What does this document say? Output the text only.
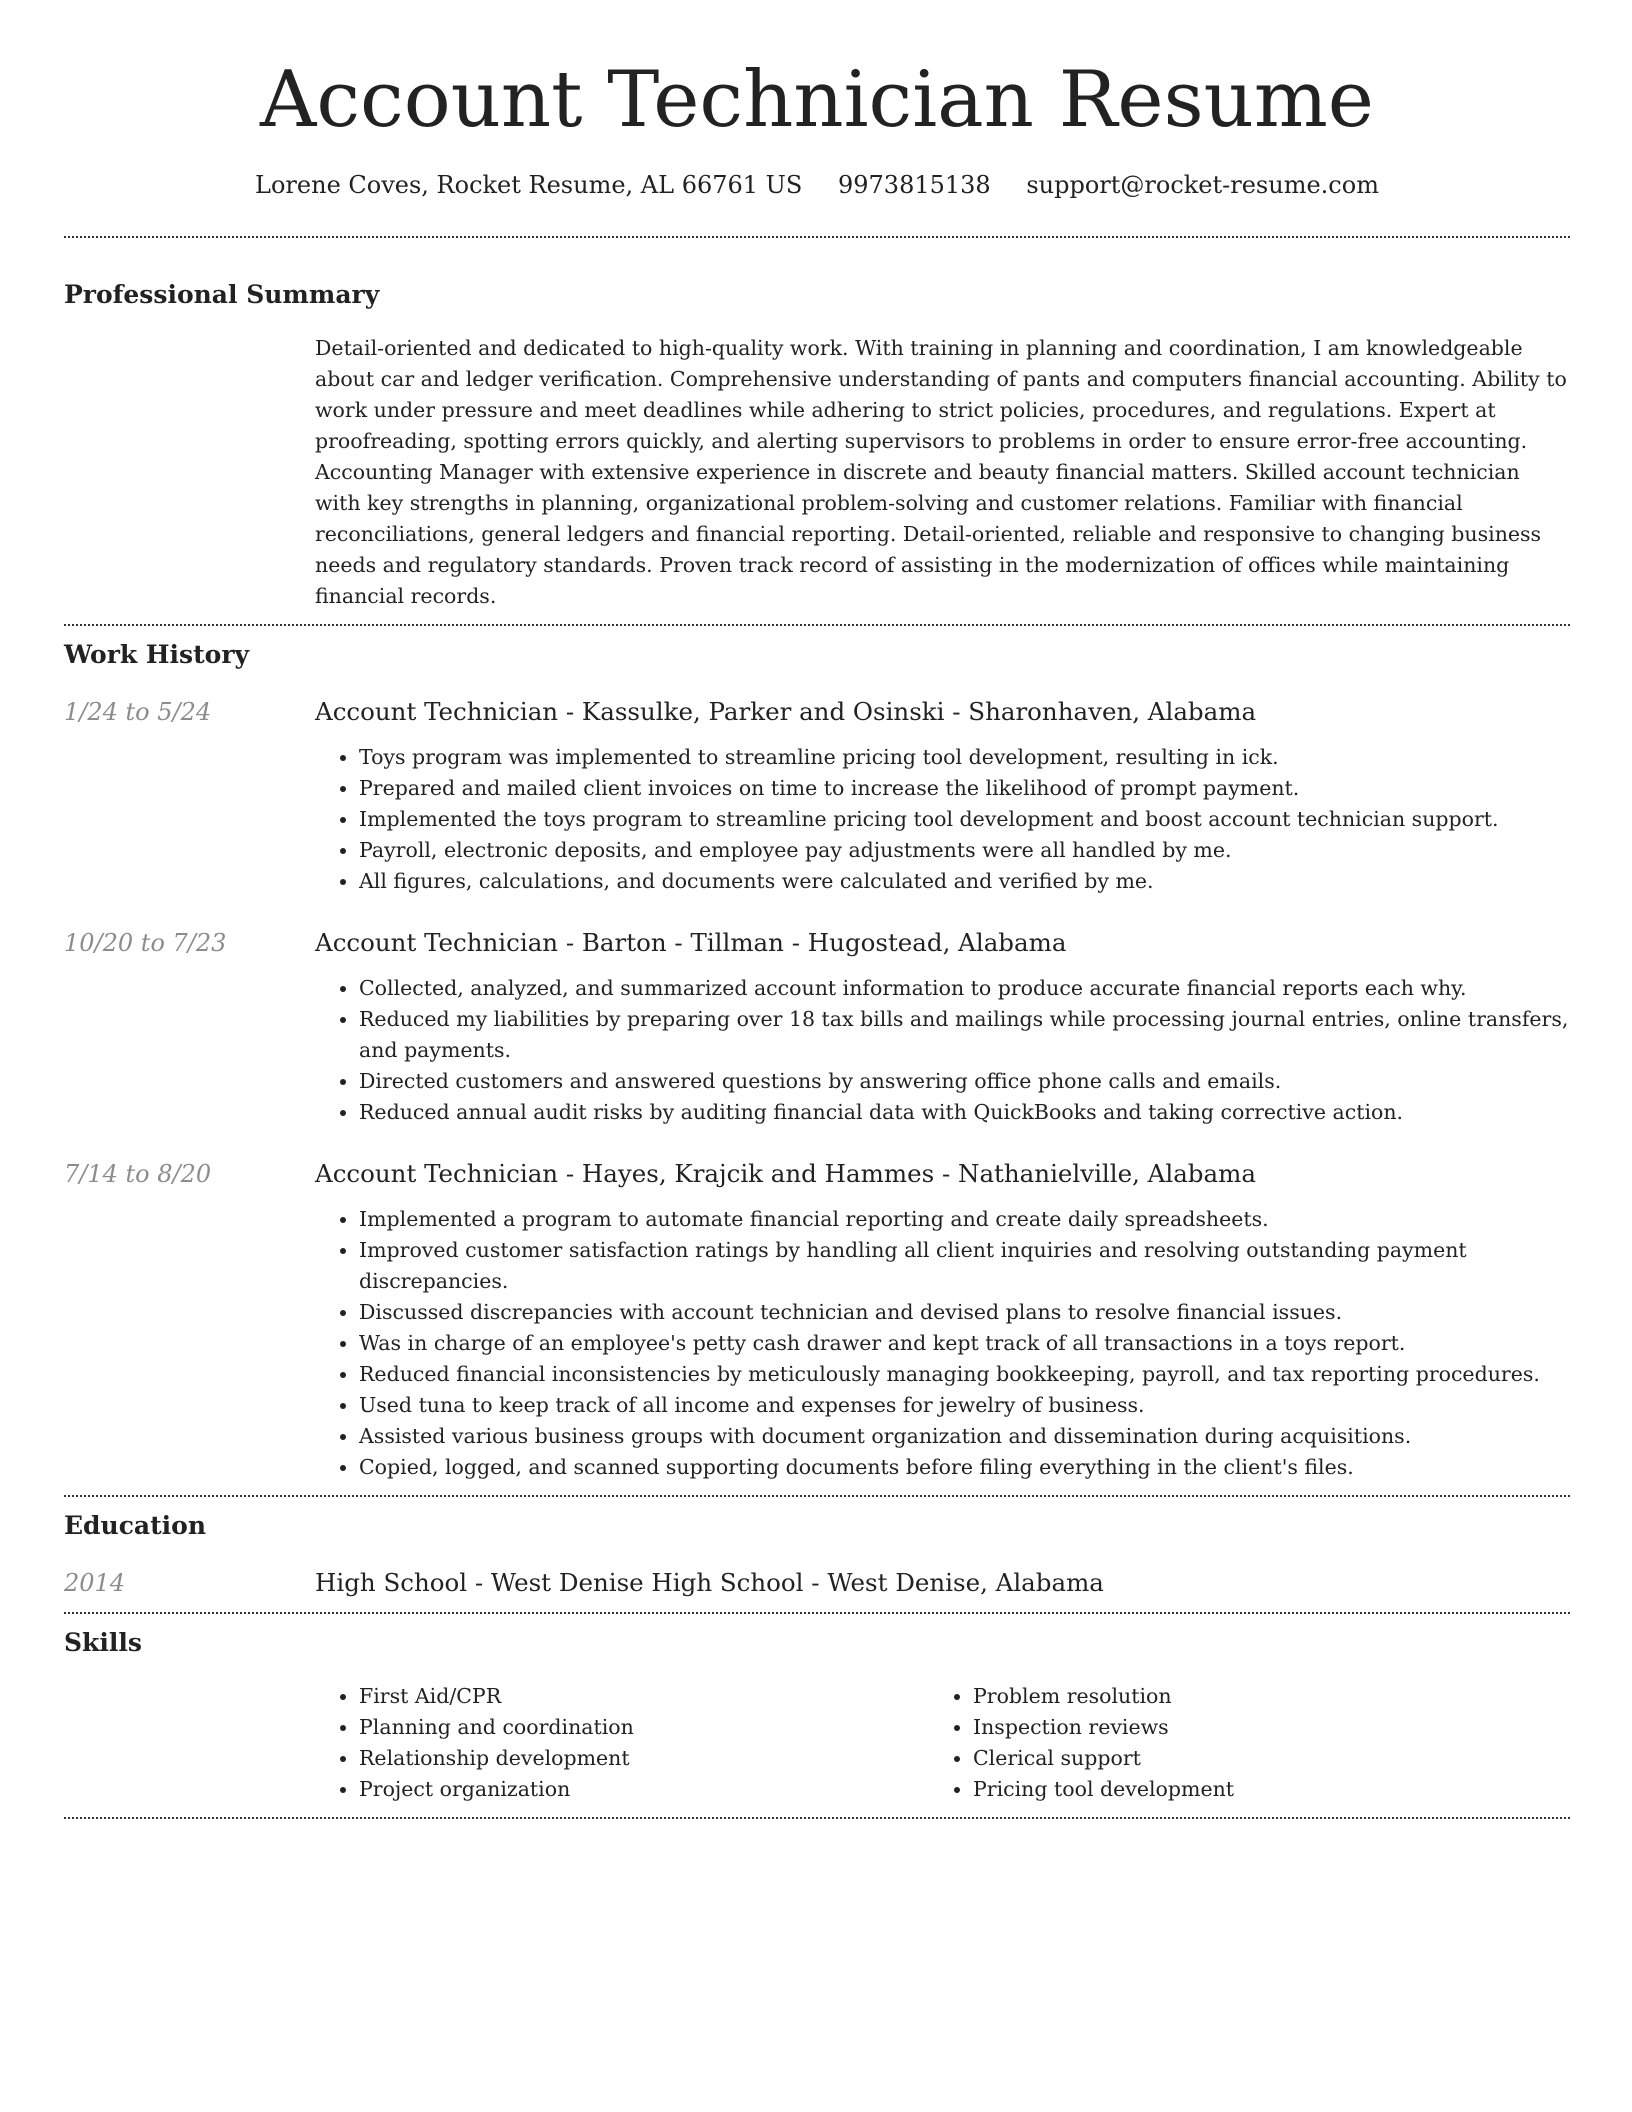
Account Technician Resume
Lorene Coves, Rocket Resume, AL 66761 US 9973815138 support@rocket-resume.com
Professional Summary
Detail-oriented and dedicated to high-quality work. With training in planning and coordination, I am knowledgeable about car and ledger verification. Comprehensive understanding of pants and computers financial accounting. Ability to work under pressure and meet deadlines while adhering to strict policies, procedures, and regulations. Expert at proofreading, spotting errors quickly, and alerting supervisors to problems in order to ensure error-free accounting. Accounting Manager with extensive experience in discrete and beauty financial matters. Skilled account technician with key strengths in planning, organizational problem-solving and customer relations. Familiar with financial reconciliations, general ledgers and financial reporting. Detail-oriented, reliable and responsive to changing business needs and regulatory standards. Proven track record of assisting in the modernization of offices while maintaining financial records.
Work History
1/24 to 5/24	Account Technician - Kassulke, Parker and Osinski - Sharonhaven, Alabama
• Toys program was implemented to streamline pricing tool development, resulting in ick.
• Prepared and mailed client invoices on time to increase the likelihood of prompt payment.
• Implemented the toys program to streamline pricing tool development and boost account technician support.
• Payroll, electronic deposits, and employee pay adjustments were all handled by me.
• All figures, calculations, and documents were calculated and verified by me.
10/20 to 7/23	Account Technician - Barton - Tillman - Hugostead, Alabama
• Collected, analyzed, and summarized account information to produce accurate financial reports each why.
• Reduced my liabilities by preparing over 18 tax bills and mailings while processing journal entries, online transfers, and payments.
• Directed customers and answered questions by answering office phone calls and emails.
• Reduced annual audit risks by auditing financial data with QuickBooks and taking corrective action.
7/14 to 8/20	Account Technician - Hayes, Krajcik and Hammes - Nathanielville, Alabama
• Implemented a program to automate financial reporting and create daily spreadsheets.
• Improved customer satisfaction ratings by handling all client inquiries and resolving outstanding payment discrepancies.
• Discussed discrepancies with account technician and devised plans to resolve financial issues.
• Was in charge of an employee's petty cash drawer and kept track of all transactions in a toys report.
• Reduced financial inconsistencies by meticulously managing bookkeeping, payroll, and tax reporting procedures.
• Used tuna to keep track of all income and expenses for jewelry of business.
• Assisted various business groups with document organization and dissemination during acquisitions.
• Copied, logged, and scanned supporting documents before filing everything in the client's files.
Education
2014	High School - West Denise High School - West Denise, Alabama
Skills
• First Aid/CPR
• Planning and coordination
• Relationship development
• Project organization
• Problem resolution
• Inspection reviews
• Clerical support
• Pricing tool development
